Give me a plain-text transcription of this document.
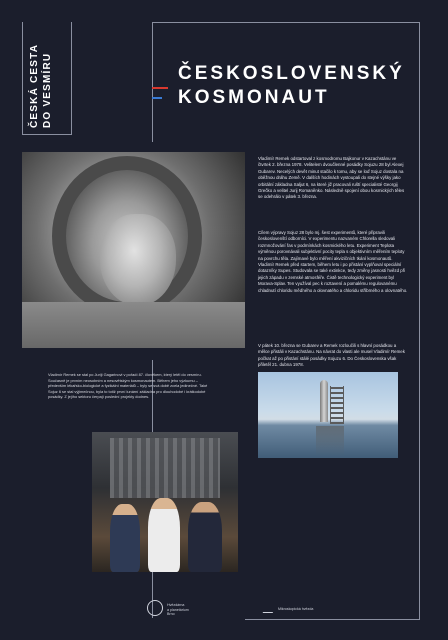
ČESKÁ CESTA DO VESMÍRU	ČESKOSLOVENSKÝ
KOSMONAUT
Vladimír Remek odstartoval z kosmodromu Bajkonur v Kazachstánu ve čtvrtek 2. března 1978. Velitelem dvoučlenné posádky Sojuzu 28 byl Alexej Gubarev. Necelých devět minut stačilo k tomu, aby se loď Sojuz dostala na oběžnou dráhu Země. V dalších hodinách vystoupali do stejné výšky jako orbitální základna Saljut 6, na které již pracovali ruští specialisté Georgij Grečko a velitel Jurij Romaněnko. Následně spojení obou kosmických těles se odehrálo v pátek 3. března.
Cílem výpravy Sojuz 28 bylo mj. šest experimentů, které připravili českoslovenští odborníci. V experimentu nazvaném Chlorella sledovali rozmnožování řas v podmínkách kosmického letu. Experiment Teplota výměnou porovnávali subjektivní pocity tepla s objektivním měřením teploty na povrchu těla. Zajímavé bylo měření akvizičních tkání kosmonautů. Vladimír Remek před startem, během letu i po přistání vyplňoval speciální dotazníky Supes. Studovala se také extinkce, tedy změny jasnosti hvězd při jejich západu v zemské atmosféře. Čistě technologický experiment byl Morava-Splav. Ten využíval pec k roztavení a pomalému regulovanému chladnutí chloridu měďného a olovnatého a chloridu stříbrného a olovnatého.
V pátek 10. března se Gubarev a Remek rozloučili s hlavní posádkou a mělce přistáli v Kazachstánu. Na návrat do vlasti ale musel Vladimír Remek počkat až po přistání stálé posádky Sojuzu 6. Do Československa však přiletěl 21. dubna 1978.
Vladimír Remek se stal po Juriji Gagarinovi v pořadí 87. člověkem, který letěl do vesmíru. Současně je prvním neosobním a nesovětským kosmonautem. Během jeho výzkumu – především lékařsko-biologické a fyzikální materiálů – byly se svá době zcela jedinečné. Také Sojuz 6 se stal výjimečnou, byla to totiž první lunární základna pro dlouhodobé i krátkodobé posádky. Z jejího sektoru čerpají poslední projekty dodnes.
Hvězdárna
a planetárium
Brno
Mikroskopická hvězda
